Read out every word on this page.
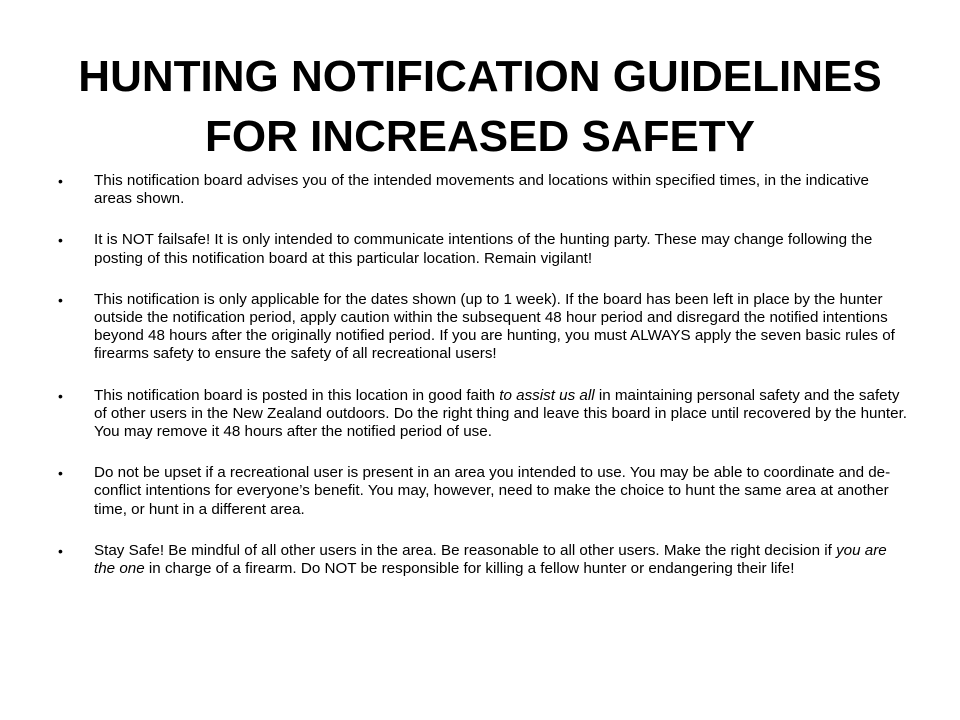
HUNTING NOTIFICATION GUIDELINES
FOR INCREASED SAFETY
• This notification board advises you of the intended movements and locations within specified times, in the indicative areas shown.
• It is NOT failsafe! It is only intended to communicate intentions of the hunting party. These may change following the posting of this notification board at this particular location. Remain vigilant!
• This notification is only applicable for the dates shown (up to 1 week). If the board has been left in place by the hunter outside the notification period, apply caution within the subsequent 48 hour period and disregard the notified intentions beyond 48 hours after the originally notified period. If you are hunting, you must ALWAYS apply the seven basic rules of firearms safety to ensure the safety of all recreational users!
• This notification board is posted in this location in good faith to assist us all in maintaining personal safety and the safety of other users in the New Zealand outdoors. Do the right thing and leave this board in place until recovered by the hunter. You may remove it 48 hours after the notified period of use.
• Do not be upset if a recreational user is present in an area you intended to use. You may be able to coordinate and de-conflict intentions for everyone’s benefit. You may, however, need to make the choice to hunt the same area at another time, or hunt in a different area.
• Stay Safe! Be mindful of all other users in the area. Be reasonable to all other users. Make the right decision if you are the one in charge of a firearm. Do NOT be responsible for killing a fellow hunter or endangering their life!
